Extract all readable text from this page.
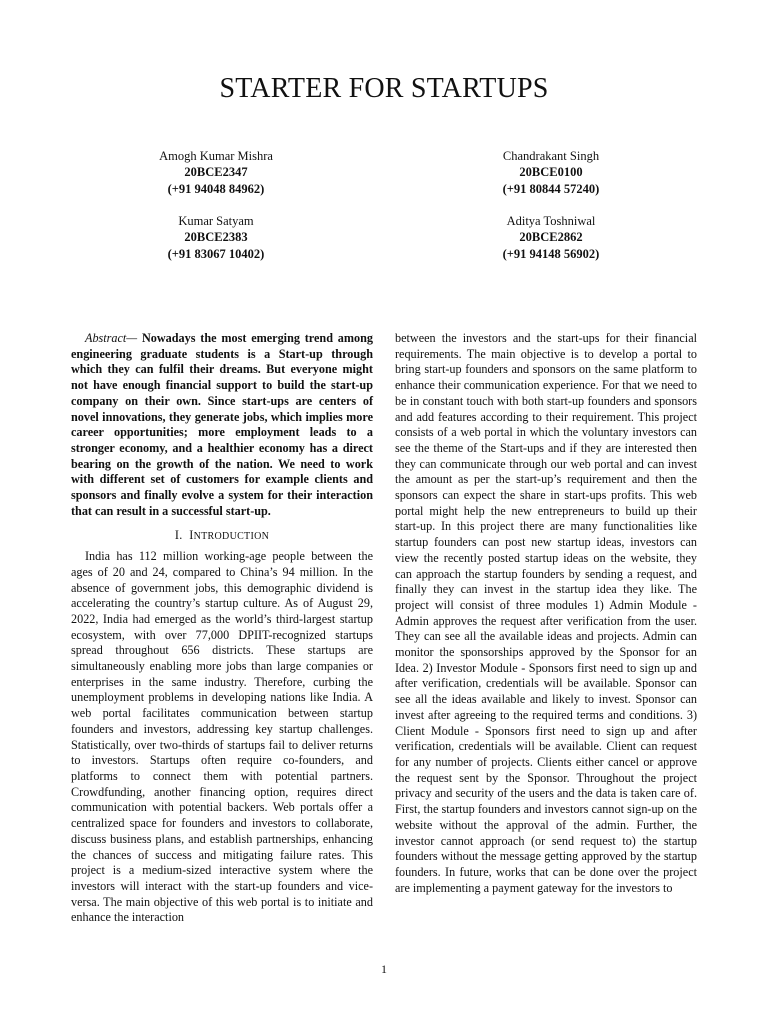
STARTER FOR STARTUPS
Amogh Kumar Mishra
20BCE2347
(+91 94048 84962)
Chandrakant Singh
20BCE0100
(+91 80844 57240)
Kumar Satyam
20BCE2383
(+91 83067 10402)
Aditya Toshniwal
20BCE2862
(+91 94148 56902)

Abstract— Nowadays the most emerging trend among engineering graduate students is a Start-up through which they can fulfil their dreams. But everyone might not have enough financial support to build the start-up company on their own. Since start-ups are centers of novel innovations, they generate jobs, which implies more career opportunities; more employment leads to a stronger economy, and a healthier economy has a direct bearing on the growth of the nation. We need to work with different set of customers for example clients and sponsors and finally evolve a system for their interaction that can result in a successful start-up.

I. INTRODUCTION

India has 112 million working-age people between the ages of 20 and 24, compared to China’s 94 million. In the absence of government jobs, this demographic dividend is accelerating the country’s startup culture. As of August 29, 2022, India had emerged as the world’s third-largest startup ecosystem, with over 77,000 DPIIT-recognized startups spread throughout 656 districts. These startups are simultaneously enabling more jobs than large companies or enterprises in the same industry. Therefore, curbing the unemployment problems in developing nations like India. A web portal facilitates communication between startup founders and investors, addressing key startup challenges. Statistically, over two-thirds of startups fail to deliver returns to investors. Startups often require co-founders, and platforms to connect them with potential partners. Crowdfunding, another financing option, requires direct communication with potential backers. Web portals offer a centralized space for founders and investors to collaborate, discuss business plans, and establish partnerships, enhancing the chances of success and mitigating failure rates. This project is a medium-sized interactive system where the investors will interact with the start-up founders and vice-versa. The main objective of this web portal is to initiate and enhance the interaction

between the investors and the start-ups for their financial requirements. The main objective is to develop a portal to bring start-up founders and sponsors on the same platform to enhance their communication experience. For that we need to be in constant touch with both start-up founders and sponsors and add features according to their requirement. This project consists of a web portal in which the voluntary investors can see the theme of the Start-ups and if they are interested then they can communicate through our web portal and can invest the amount as per the start-up’s requirement and then the sponsors can expect the share in start-ups profits. This web portal might help the new entrepreneurs to build up their start-up. In this project there are many functionalities like startup founders can post new startup ideas, investors can view the recently posted startup ideas on the website, they can approach the startup founders by sending a request, and finally they can invest in the startup idea they like. The project will consist of three modules 1) Admin Module - Admin approves the request after verification from the user. They can see all the available ideas and projects. Admin can monitor the sponsorships approved by the Sponsor for an Idea. 2) Investor Module - Sponsors first need to sign up and after verification, credentials will be available. Sponsor can see all the ideas available and likely to invest. Sponsor can invest after agreeing to the required terms and conditions. 3) Client Module - Sponsors first need to sign up and after verification, credentials will be available. Client can request for any number of projects. Clients either cancel or approve the request sent by the Sponsor. Throughout the project privacy and security of the users and the data is taken care of. First, the startup founders and investors cannot sign-up on the website without the approval of the admin. Further, the investor cannot approach (or send request to) the startup founders without the message getting approved by the startup founders. In future, works that can be done over the project are implementing a payment gateway for the investors to

1
